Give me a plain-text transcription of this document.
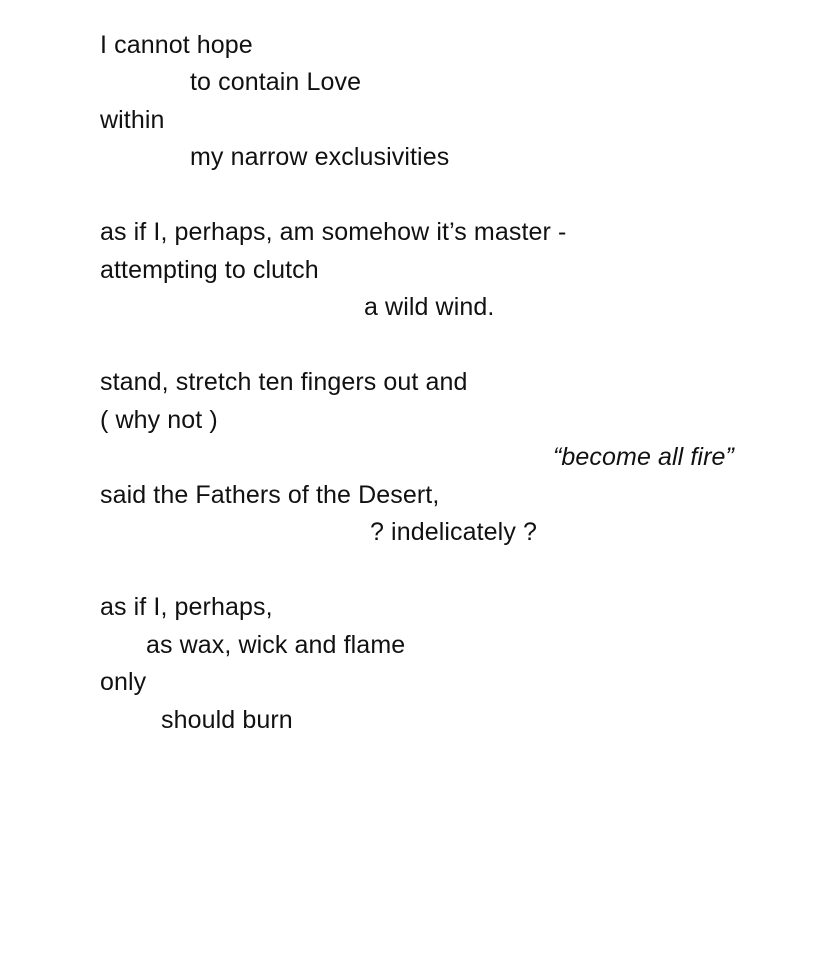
I cannot hope
to contain Love
within
my narrow exclusivities
as if I, perhaps, am somehow it’s master -
attempting to clutch
a wild wind.
stand, stretch ten fingers out and
( why not )
“become all fire”
said the Fathers of the Desert,
? indelicately ?
as if I, perhaps,
as wax, wick and flame
only
should burn
